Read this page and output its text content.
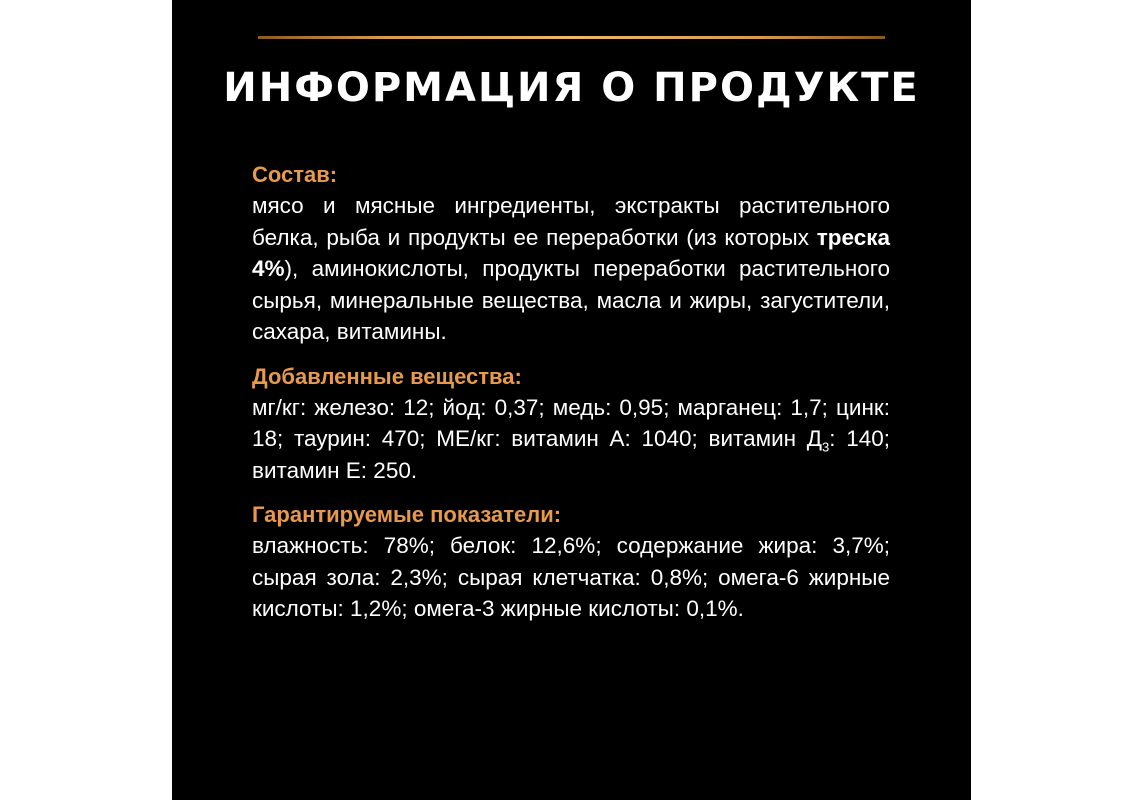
ИНФОРМАЦИЯ О ПРОДУКТЕ

Состав:

мясо и мясные ингредиенты, экстракты растительного белка, рыба и продукты ее переработки (из которых треска 4%), аминокислоты, продукты переработки растительного сырья, минеральные вещества, масла и жиры, загустители, сахара, витамины.

Добавленные вещества:

мг/кг: железо: 12; йод: 0,37; медь: 0,95; марганец: 1,7; цинк: 18; таурин: 470; МЕ/кг: витамин А: 1040; витамин $Д_3$: 140; витамин Е: 250.

Гарантируемые показатели:

влажность: 78%; белок: 12,6%; содержание жира: 3,7%; сырая зола: 2,3%; сырая клетчатка: 0,8%; омега-6 жирные кислоты: 1,2%; омега-3 жирные кислоты: 0,1%.
